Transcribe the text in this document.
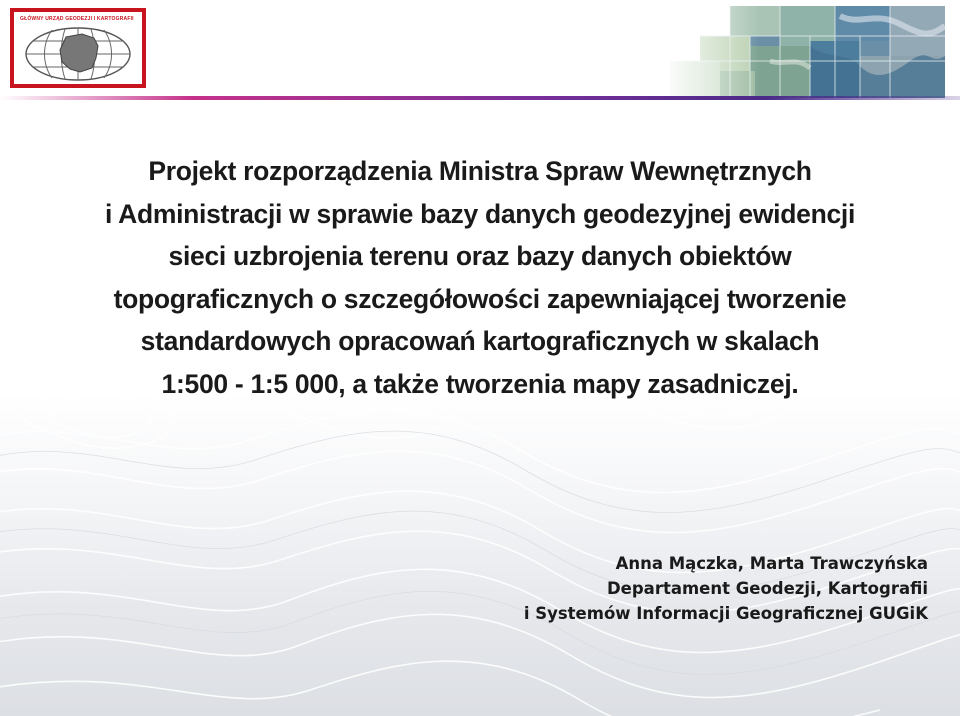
GŁÓWNY URZĄD GEODEZJI I KARTOGRAFII
Projekt rozporządzenia Ministra Spraw Wewnętrznych
i Administracji w sprawie bazy danych geodezyjnej ewidencji
sieci uzbrojenia terenu oraz bazy danych obiektów
topograficznych o szczegółowości zapewniającej tworzenie
standardowych opracowań kartograficznych w skalach
1:500 - 1:5 000, a także tworzenia mapy zasadniczej.
Anna Mączka, Marta Trawczyńska
Departament Geodezji, Kartografii
i Systemów Informacji Geograficznej GUGiK
